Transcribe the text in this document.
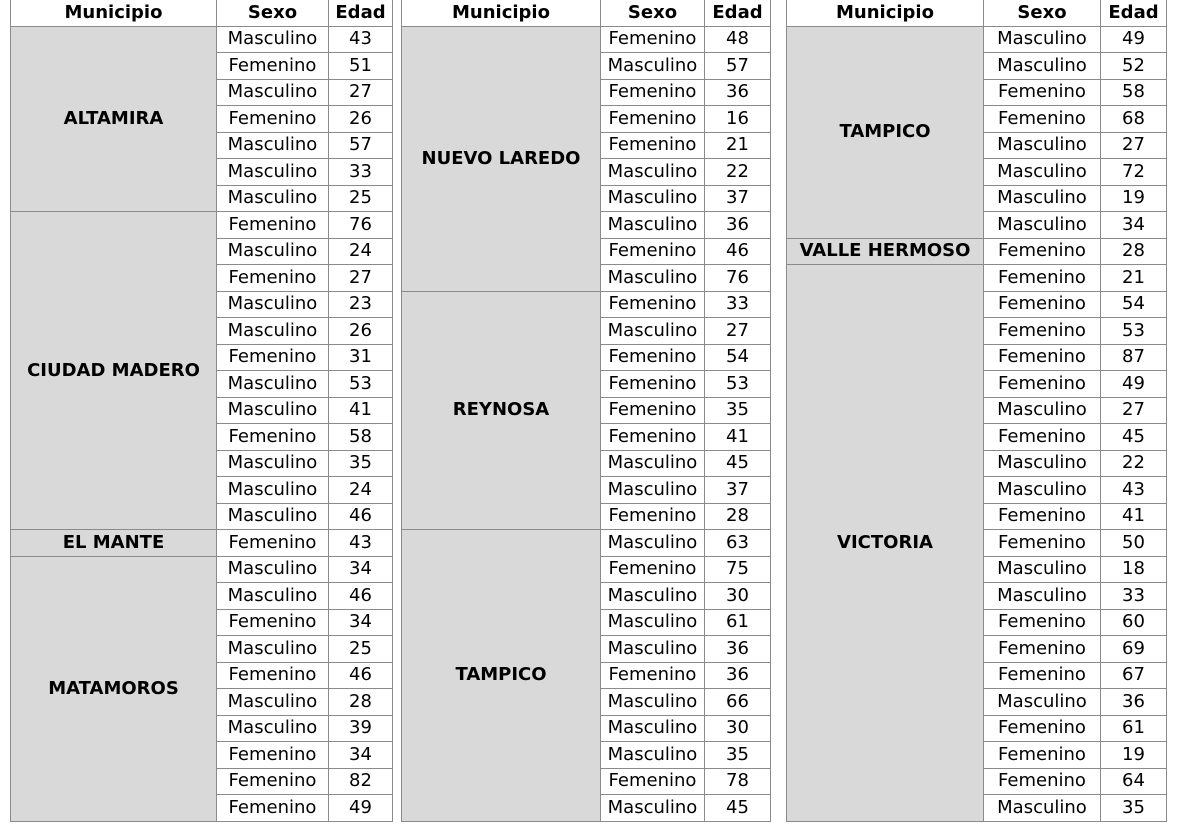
Municipio	Sexo	Edad
ALTAMIRA	Masculino	43
	Femenino	51
	Masculino	27
	Femenino	26
	Masculino	57
	Masculino	33
	Masculino	25
CIUDAD MADERO	Femenino	76
	Masculino	24
	Femenino	27
	Masculino	23
	Masculino	26
	Femenino	31
	Masculino	53
	Masculino	41
	Femenino	58
	Masculino	35
	Masculino	24
	Masculino	46
EL MANTE	Femenino	43
MATAMOROS	Masculino	34
	Masculino	46
	Femenino	34
	Masculino	25
	Femenino	46
	Masculino	28
	Masculino	39
	Femenino	34
	Femenino	82
	Femenino	49
Municipio	Sexo	Edad
NUEVO LAREDO	Femenino	48
	Masculino	57
	Femenino	36
	Femenino	16
	Femenino	21
	Masculino	22
	Masculino	37
	Masculino	36
	Femenino	46
	Masculino	76
REYNOSA	Femenino	33
	Masculino	27
	Femenino	54
	Femenino	53
	Femenino	35
	Femenino	41
	Masculino	45
	Masculino	37
	Femenino	28
TAMPICO	Masculino	63
	Femenino	75
	Masculino	30
	Masculino	61
	Masculino	36
	Femenino	36
	Masculino	66
	Masculino	30
	Masculino	35
	Femenino	78
	Masculino	45
Municipio	Sexo	Edad
TAMPICO	Masculino	49
	Masculino	52
	Femenino	58
	Femenino	68
	Masculino	27
	Masculino	72
	Masculino	19
	Masculino	34
VALLE HERMOSO	Femenino	28
VICTORIA	Femenino	21
	Femenino	54
	Femenino	53
	Femenino	87
	Femenino	49
	Masculino	27
	Femenino	45
	Masculino	22
	Masculino	43
	Femenino	41
	Femenino	50
	Masculino	18
	Masculino	33
	Femenino	60
	Femenino	69
	Femenino	67
	Masculino	36
	Femenino	61
	Femenino	19
	Femenino	64
	Masculino	35
